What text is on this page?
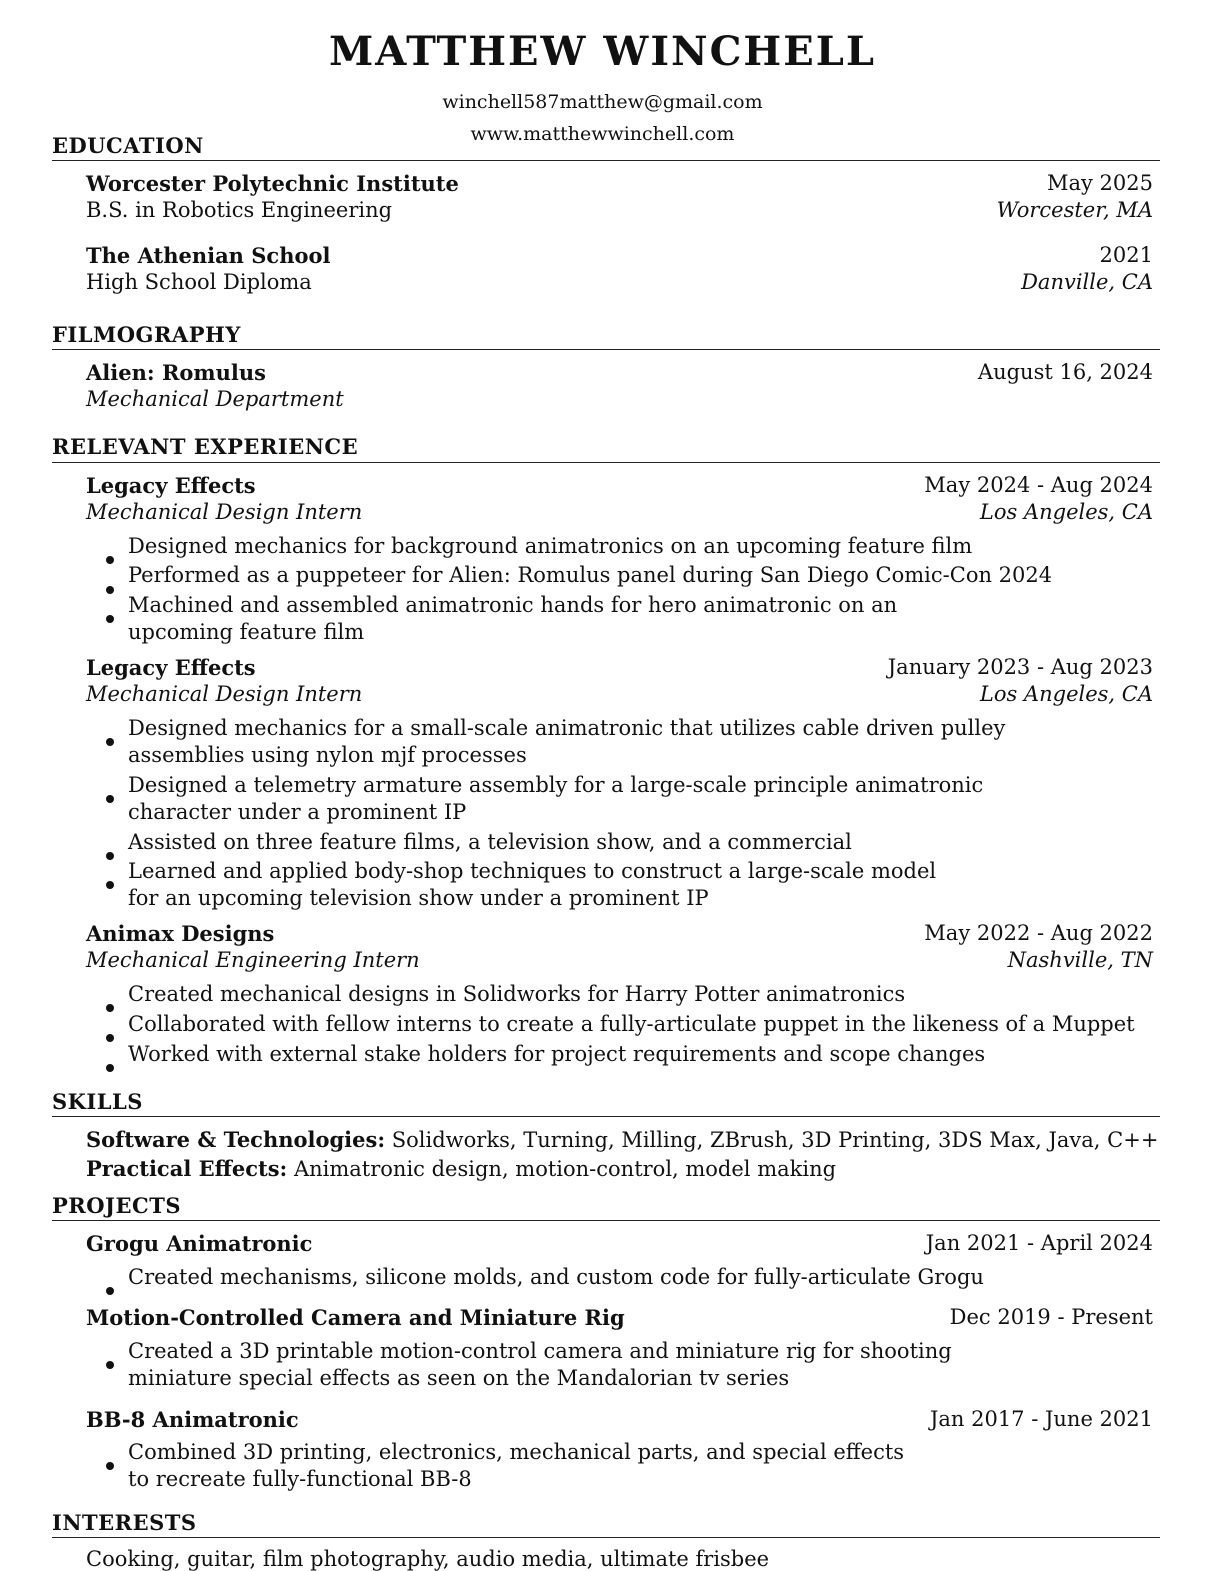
MATTHEW WINCHELL
winchell587matthew@gmail.com
www.matthewwinchell.com
EDUCATION
Worcester Polytechnic Institute	May 2025
B.S. in Robotics Engineering	Worcester, MA
The Athenian School	2021
High School Diploma	Danville, CA
FILMOGRAPHY
Alien: Romulus	August 16, 2024
Mechanical Department
RELEVANT EXPERIENCE
Legacy Effects	May 2024 - Aug 2024
Mechanical Design Intern	Los Angeles, CA
Designed mechanics for background animatronics on an upcoming feature film
Performed as a puppeteer for Alien: Romulus panel during San Diego Comic-Con 2024
Machined and assembled animatronic hands for hero animatronic on an
upcoming feature film
Legacy Effects	January 2023 - Aug 2023
Mechanical Design Intern	Los Angeles, CA
Designed mechanics for a small-scale animatronic that utilizes cable driven pulley
assemblies using nylon mjf processes
Designed a telemetry armature assembly for a large-scale principle animatronic
character under a prominent IP
Assisted on three feature films, a television show, and a commercial
Learned and applied body-shop techniques to construct a large-scale model
for an upcoming television show under a prominent IP
Animax Designs	May 2022 - Aug 2022
Mechanical Engineering Intern	Nashville, TN
Created mechanical designs in Solidworks for Harry Potter animatronics
Collaborated with fellow interns to create a fully-articulate puppet in the likeness of a Muppet
Worked with external stake holders for project requirements and scope changes
SKILLS
Software & Technologies: Solidworks, Turning, Milling, ZBrush, 3D Printing, 3DS Max, Java, C++
Practical Effects: Animatronic design, motion-control, model making
PROJECTS
Grogu Animatronic	Jan 2021 - April 2024
Created mechanisms, silicone molds, and custom code for fully-articulate Grogu
Motion-Controlled Camera and Miniature Rig	Dec 2019 - Present
Created a 3D printable motion-control camera and miniature rig for shooting
miniature special effects as seen on the Mandalorian tv series
BB-8 Animatronic	Jan 2017 - June 2021
Combined 3D printing, electronics, mechanical parts, and special effects
to recreate fully-functional BB-8
INTERESTS
Cooking, guitar, film photography, audio media, ultimate frisbee
